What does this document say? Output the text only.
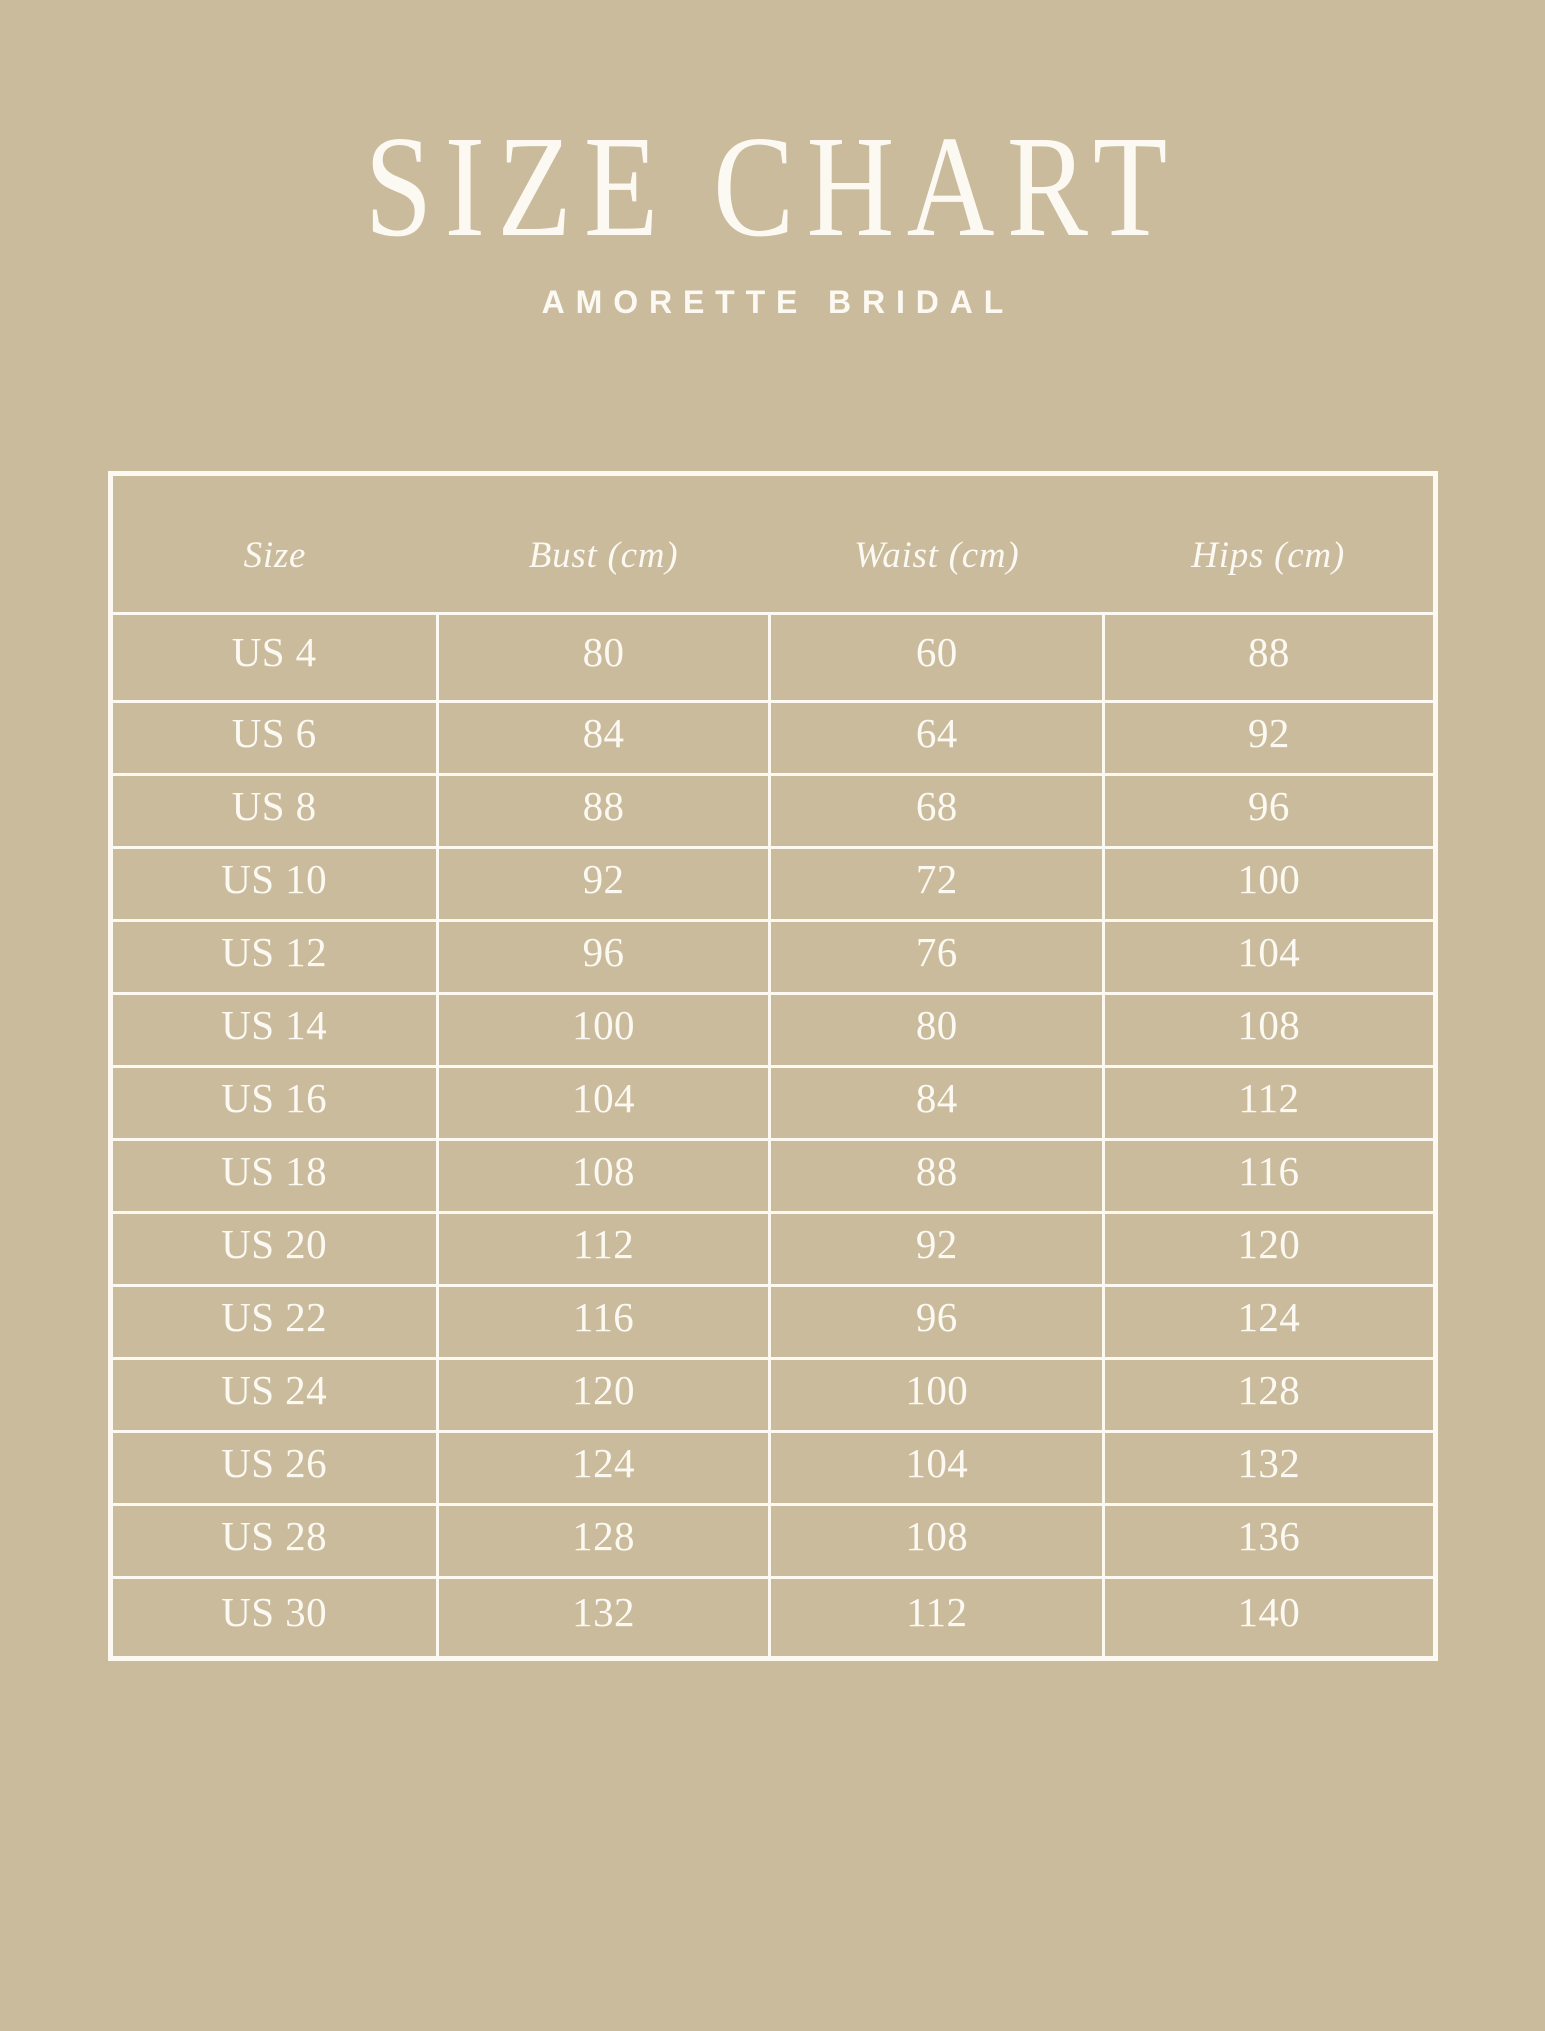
SIZE CHART
AMORETTE BRIDAL
Size	Bust (cm)	Waist (cm)	Hips (cm)
US 4	80	60	88
US 6	84	64	92
US 8	88	68	96
US 10	92	72	100
US 12	96	76	104
US 14	100	80	108
US 16	104	84	112
US 18	108	88	116
US 20	112	92	120
US 22	116	96	124
US 24	120	100	128
US 26	124	104	132
US 28	128	108	136
US 30	132	112	140
